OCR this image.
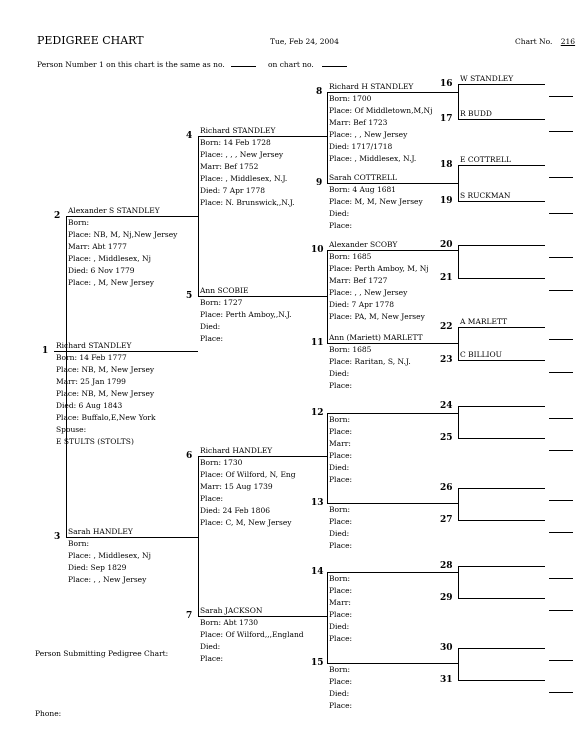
PEDIGREE CHART	Tue, Feb 24, 2004	Chart No. 216
Person Number 1 on this chart is the same as no.	on chart no.
1
Richard STANDLEY
Born: 14 Feb 1777
Place: NB, M, New Jersey
Marr: 25 Jan 1799
Place: NB, M, New Jersey
Died: 6 Aug 1843
Place: Buffalo,E,New York
Spouse:
E STULTS (STOLTS)
2
Alexander S STANDLEY
Born:
Place: NB, M, Nj,New Jersey
Marr: Abt 1777
Place: , Middlesex, Nj
Died: 6 Nov 1779
Place: , M, New Jersey
3
Sarah HANDLEY
Born:
Place: , Middlesex, Nj
Died: Sep 1829
Place: , , New Jersey
4
Richard STANDLEY
Born: 14 Feb 1728
Place: , , , New Jersey
Marr: Bef 1752
Place: , Middlesex, N.J.
Died: 7 Apr 1778
Place: N. Brunswick,,N.J.
5
Ann SCOBIE
Born: 1727
Place: Perth Amboy,,N.J.
Died:
Place:
6
Richard HANDLEY
Born: 1730
Place: Of Wilford, N, Eng
Marr: 15 Aug 1739
Place:
Died: 24 Feb 1806
Place: C, M, New Jersey
7
Sarah JACKSON
Born: Abt 1730
Place: Of Wilford,,,England
Died:
Place:
8
Richard H STANDLEY
Born: 1700
Place: Of Middletown,M,Nj
Marr: Bef 1723
Place: , , New Jersey
Died: 1717/1718
Place: , Middlesex, N.J.
9
Sarah COTTRELL
Born: 4 Aug 1681
Place: M, M, New Jersey
Died:
Place:
10
Alexander SCOBY
Born: 1685
Place: Perth Amboy, M, Nj
Marr: Bef 1727
Place: , , New Jersey
Died: 7 Apr 1778
Place: PA, M, New Jersey
11
Ann (Mariett) MARLETT
Born: 1685
Place: Raritan, S, N.J.
Died:
Place:
12
Born:
Place:
Marr:
Place:
Died:
Place:
13
Born:
Place:
Died:
Place:
14
Born:
Place:
Marr:
Place:
Died:
Place:
15
Born:
Place:
Died:
Place:
16
W STANDLEY
17
R BUDD
18
E COTTRELL
19
S RUCKMAN
20
21
22
A MARLETT
23
C BILLIOU
24
25
26
27
28
29
30
31
Person Submitting Pedigree Chart:
Phone:
